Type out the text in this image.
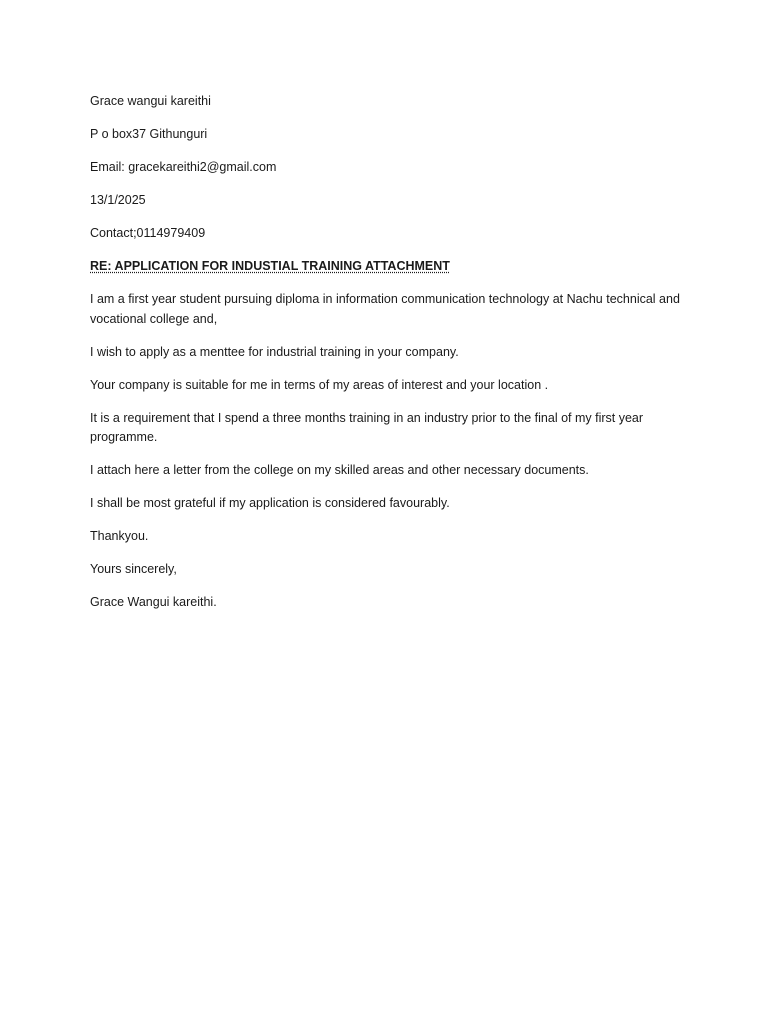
Grace wangui kareithi

P o box37 Githunguri

Email: gracekareithi2@gmail.com

13/1/2025

Contact;0114979409

RE: APPLICATION FOR INDUSTIAL TRAINING ATTACHMENT

I am a first year student pursuing diploma in information communication technology at Nachu technical and vocational college and,

I wish to apply as a menttee for industrial training in your company.

Your company is suitable for me in terms of my areas of interest and your location .

It is a requirement that I spend a three months training in an industry prior to the final of my first year programme.

I attach here a letter from the college on my skilled areas and other necessary documents.

I shall be most grateful if my application is considered favourably.

Thankyou.

Yours sincerely,

Grace Wangui kareithi.
